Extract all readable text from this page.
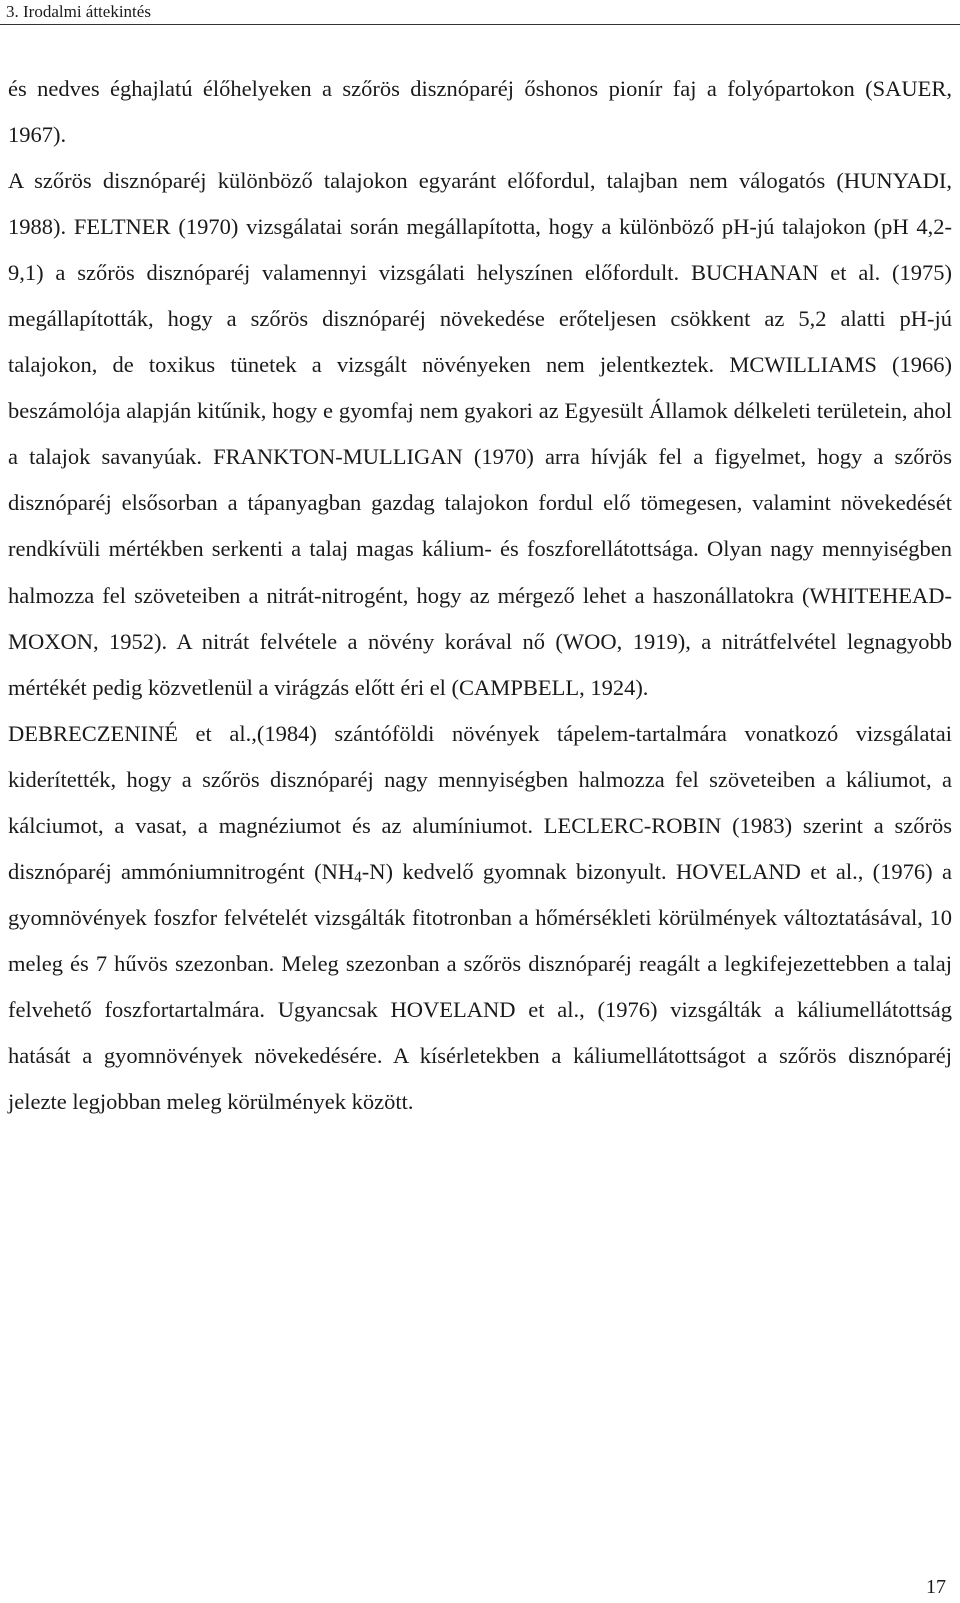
3. Irodalmi áttekintés

és nedves éghajlatú élőhelyeken a szőrös disznóparéj őshonos pionír faj a folyópartokon (SAUER, 1967).

A szőrös disznóparéj különböző talajokon egyaránt előfordul, talajban nem válogatós (HUNYADI, 1988). FELTNER (1970) vizsgálatai során megállapította, hogy a különböző pH-jú talajokon (pH 4,2-9,1) a szőrös disznóparéj valamennyi vizsgálati helyszínen előfordult. BUCHANAN et al. (1975) megállapították, hogy a szőrös disznóparéj növekedése erőteljesen csökkent az 5,2 alatti pH-jú talajokon, de toxikus tünetek a vizsgált növényeken nem jelentkeztek. MCWILLIAMS (1966) beszámolója alapján kitűnik, hogy e gyomfaj nem gyakori az Egyesült Államok délkeleti területein, ahol a talajok savanyúak. FRANKTON-MULLIGAN (1970) arra hívják fel a figyelmet, hogy a szőrös disznóparéj elsősorban a tápanyagban gazdag talajokon fordul elő tömegesen, valamint növekedését rendkívüli mértékben serkenti a talaj magas kálium- és foszforellátottsága. Olyan nagy mennyiségben halmozza fel szöveteiben a nitrát-nitrogént, hogy az mérgező lehet a haszonállatokra (WHITEHEAD-MOXON, 1952). A nitrát felvétele a növény korával nő (WOO, 1919), a nitrátfelvétel legnagyobb mértékét pedig közvetlenül a virágzás előtt éri el (CAMPBELL, 1924).

DEBRECZENINÉ et al.,(1984) szántóföldi növények tápelem-tartalmára vonatkozó vizsgálatai kiderítették, hogy a szőrös disznóparéj nagy mennyiségben halmozza fel szöveteiben a káliumot, a kálciumot, a vasat, a magnéziumot és az alumíniumot. LECLERC-ROBIN (1983) szerint a szőrös disznóparéj ammóniumnitrogént $(NH_4-N)$ kedvelő gyomnak bizonyult. HOVELAND et al., (1976) a gyomnövények foszfor felvételét vizsgálták fitotronban a hőmérsékleti körülmények változtatásával, 10 meleg és 7 hűvös szezonban. Meleg szezonban a szőrös disznóparéj reagált a legkifejezettebben a talaj felvehető foszfortartalmára. Ugyancsak HOVELAND et al., (1976) vizsgálták a káliumellátottság hatását a gyomnövények növekedésére. A kísérletekben a káliumellátottságot a szőrös disznóparéj jelezte legjobban meleg körülmények között.

17
